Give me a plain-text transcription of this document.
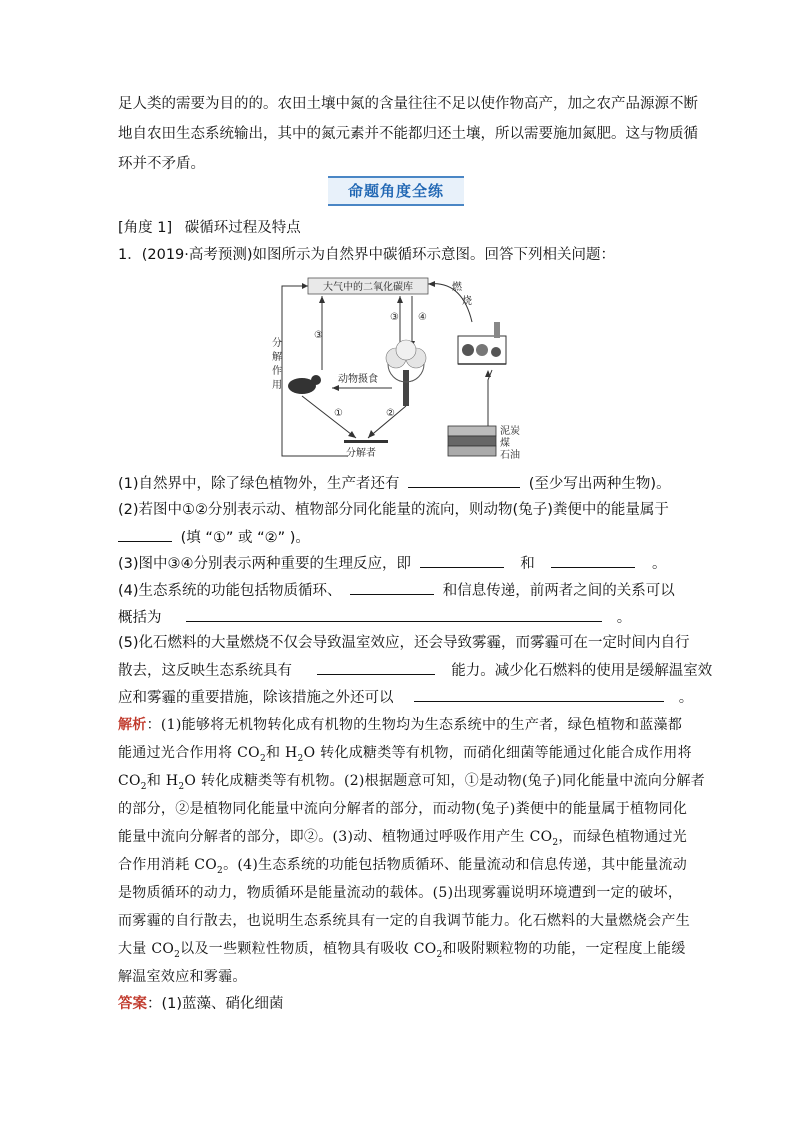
足人类的需要为目的的。农田土壤中氮的含量往往不足以使作物高产，加之农产品源源不断
地自农田生态系统输出，其中的氮元素并不能都归还土壤，所以需要施加氮肥。这与物质循
环并不矛盾。
命题角度全练
[角度 1] 碳循环过程及特点
1．(2019·高考预测)如图所示为自然界中碳循环示意图。回答下列相关问题：
大气中的二氧化碳库
分
解
作
用
③
③ ④
燃
烧
动物摄食
①	②
分解者
泥炭
煤
石油
(1)自然界中，除了绿色植物外，生产者还有	(至少写出两种生物)。
(2)若图中①②分别表示动、植物部分同化能量的流向，则动物(兔子)粪便中的能量属于
(填 “①” 或 “②” )。
(3)图中③④分别表示两种重要的生理反应，即	和	。
(4)生态系统的功能包括物质循环、	和信息传递，前两者之间的关系可以
概括为	。
(5)化石燃料的大量燃烧不仅会导致温室效应，还会导致雾霾，而雾霾可在一定时间内自行
散去，这反映生态系统具有	能力。减少化石燃料的使用是缓解温室效
应和雾霾的重要措施，除该措施之外还可以	。
解析：(1)能够将无机物转化成有机物的生物均为生态系统中的生产者，绿色植物和蓝藻都
能通过光合作用将 $CO_2$和 $H_2O$ 转化成糖类等有机物，而硝化细菌等能通过化能合成作用将
$CO_2$和 $H_2O$ 转化成糖类等有机物。(2)根据题意可知，①是动物(兔子)同化能量中流向分解者
的部分，②是植物同化能量中流向分解者的部分，而动物(兔子)粪便中的能量属于植物同化
能量中流向分解者的部分，即②。(3)动、植物通过呼吸作用产生 $CO_2$，而绿色植物通过光
合作用消耗 $CO_2$。(4)生态系统的功能包括物质循环、能量流动和信息传递，其中能量流动
是物质循环的动力，物质循环是能量流动的载体。(5)出现雾霾说明环境遭到一定的破坏，
而雾霾的自行散去，也说明生态系统具有一定的自我调节能力。化石燃料的大量燃烧会产生
大量 $CO_2$以及一些颗粒性物质，植物具有吸收 $CO_2$和吸附颗粒物的功能，一定程度上能缓
解温室效应和雾霾。
答案：(1)蓝藻、硝化细菌
